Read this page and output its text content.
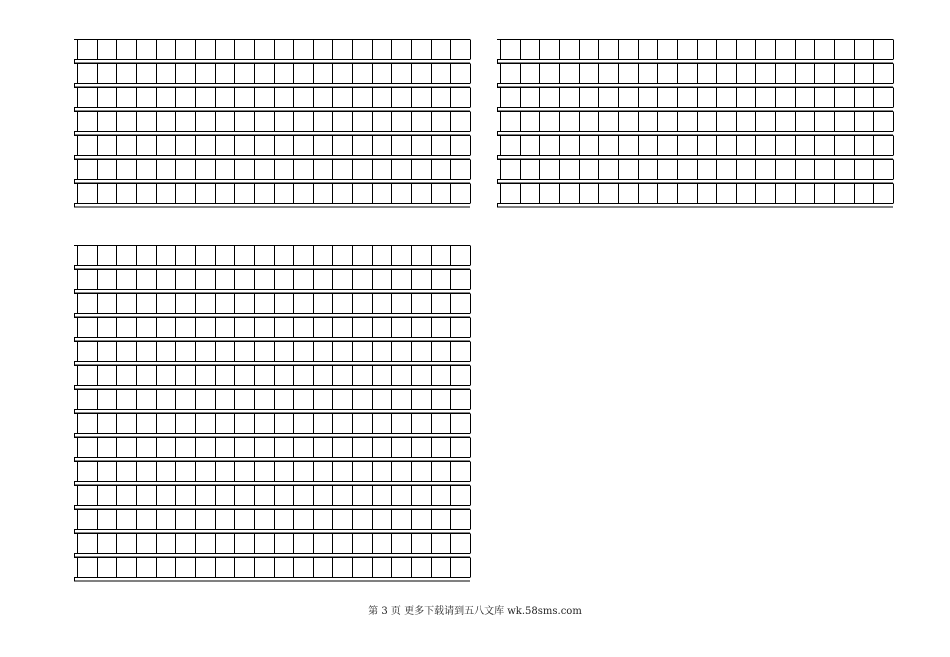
第 3 页 更多下载请到五八文库 wk.58sms.com
